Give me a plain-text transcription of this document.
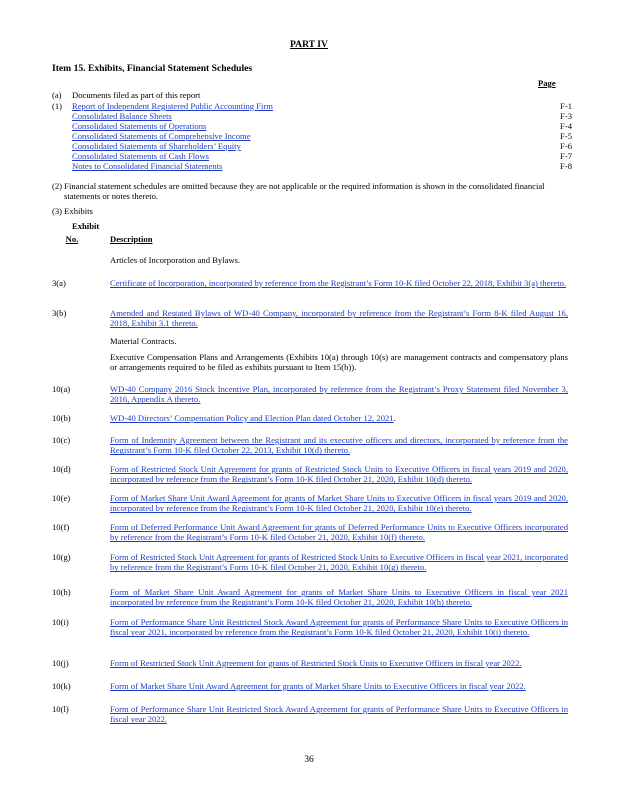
PART IV
Item 15. Exhibits, Financial Statement Schedules
Page
(a) Documents filed as part of this report
(1) Report of Independent Registered Public Accounting Firm	F-1
Consolidated Balance Sheets	F-3
Consolidated Statements of Operations	F-4
Consolidated Statements of Comprehensive Income	F-5
Consolidated Statements of Shareholders’ Equity	F-6
Consolidated Statements of Cash Flows	F-7
Notes to Consolidated Financial Statements	F-8
(2) Financial statement schedules are omitted because they are not applicable or the required information is shown in the consolidated financial
statements or notes thereto.
(3) Exhibits
Exhibit
No.	Description
Articles of Incorporation and Bylaws.
3(a)	Certificate of Incorporation, incorporated by reference from the Registrant’s Form 10-K filed October 22, 2018, Exhibit 3(a) thereto.
3(b)	Amended and Restated Bylaws of WD-40 Company, incorporated by reference from the Registrant’s Form 8-K filed August 16, 2018, Exhibit 3.1 thereto.
Material Contracts.
Executive Compensation Plans and Arrangements (Exhibits 10(a) through 10(s) are management contracts and compensatory plans or arrangements required to be filed as exhibits pursuant to Item 15(b)).
10(a)	WD-40 Company 2016 Stock Incentive Plan, incorporated by reference from the Registrant’s Proxy Statement filed November 3, 2016, Appendix A thereto.
10(b)	WD-40 Directors’ Compensation Policy and Election Plan dated October 12, 2021.
10(c)	Form of Indemnity Agreement between the Registrant and its executive officers and directors, incorporated by reference from the Registrant’s Form 10-K filed October 22, 2013, Exhibit 10(d) thereto.
10(d)	Form of Restricted Stock Unit Agreement for grants of Restricted Stock Units to Executive Officers in fiscal years 2019 and 2020, incorporated by reference from the Registrant’s Form 10-K filed October 21, 2020, Exhibit 10(d) thereto.
10(e)	Form of Market Share Unit Award Agreement for grants of Market Share Units to Executive Officers in fiscal years 2019 and 2020, incorporated by reference from the Registrant’s Form 10-K filed October 21, 2020, Exhibit 10(e) thereto.
10(f)	Form of Deferred Performance Unit Award Agreement for grants of Deferred Performance Units to Executive Officers incorporated by reference from the Registrant’s Form 10-K filed October 21, 2020, Exhibit 10(f) thereto.
10(g)	Form of Restricted Stock Unit Agreement for grants of Restricted Stock Units to Executive Officers in fiscal year 2021, incorporated by reference from the Registrant’s Form 10-K filed October 21, 2020, Exhibit 10(g) thereto.
10(h)	Form of Market Share Unit Award Agreement for grants of Market Share Units to Executive Officers in fiscal year 2021 incorporated by reference from the Registrant’s Form 10-K filed October 21, 2020, Exhibit 10(h) thereto.
10(i)	Form of Performance Share Unit Restricted Stock Award Agreement for grants of Performance Share Units to Executive Officers in fiscal year 2021, incorporated by reference from the Registrant’s Form 10-K filed October 21, 2020, Exhibit 10(i) thereto.
10(j)	Form of Restricted Stock Unit Agreement for grants of Restricted Stock Units to Executive Officers in fiscal year 2022.
10(k)	Form of Market Share Unit Award Agreement for grants of Market Share Units to Executive Officers in fiscal year 2022.
10(l)	Form of Performance Share Unit Restricted Stock Award Agreement for grants of Performance Share Units to Executive Officers in fiscal year 2022.
36
